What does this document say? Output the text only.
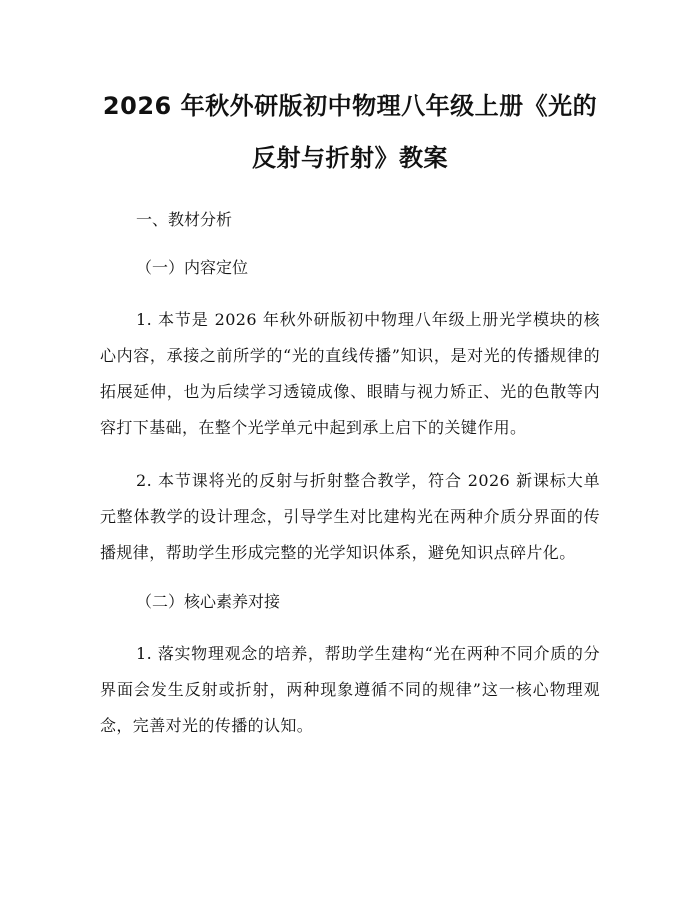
2026 年秋外研版初中物理八年级上册《光的
反射与折射》教案

一、教材分析

（一）内容定位

1. 本节是 2026 年秋外研版初中物理八年级上册光学模块的核心内容，承接之前所学的“光的直线传播”知识，是对光的传播规律的拓展延伸，也为后续学习透镜成像、眼睛与视力矫正、光的色散等内容打下基础，在整个光学单元中起到承上启下的关键作用。

2. 本节课将光的反射与折射整合教学，符合 2026 新课标大单元整体教学的设计理念，引导学生对比建构光在两种介质分界面的传播规律，帮助学生形成完整的光学知识体系，避免知识点碎片化。

（二）核心素养对接

1. 落实物理观念的培养，帮助学生建构“光在两种不同介质的分界面会发生反射或折射，两种现象遵循不同的规律”这一核心物理观念，完善对光的传播的认知。
